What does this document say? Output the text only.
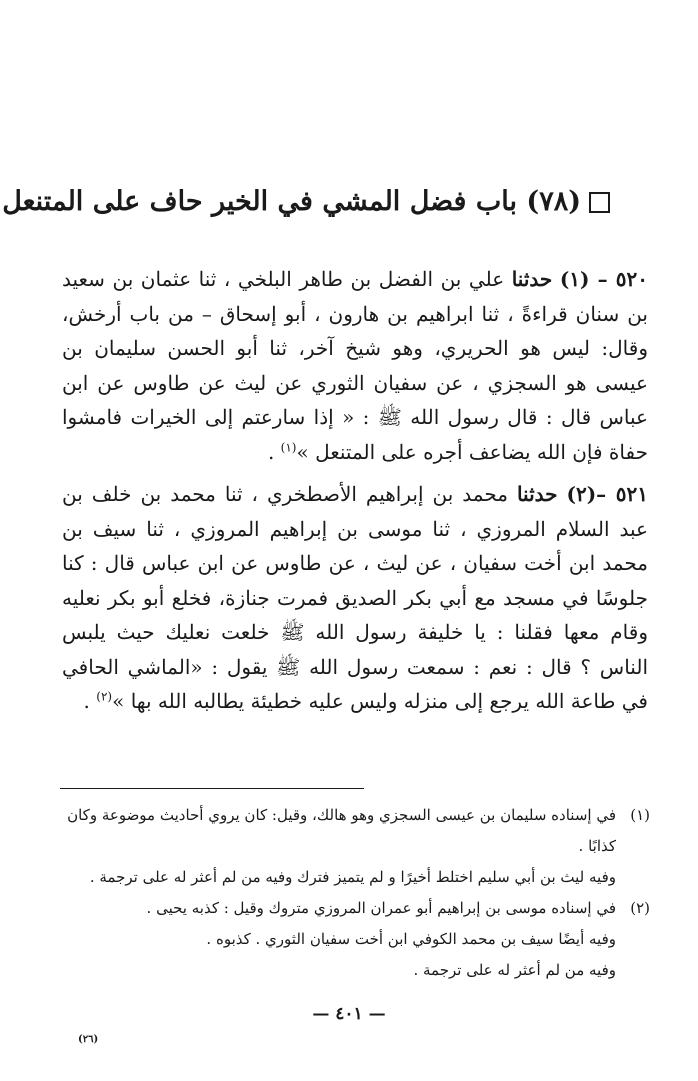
(٧٨) باب فضل المشي في الخير حاف على المتنعل

٥٢٠ – (١) حدثنا علي بن الفضل بن طاهر البلخي ، ثنا عثمان بن سعيد بن سنان قراءةً ، ثنا ابراهيم بن هارون ، أبو إسحاق – من باب أرخش، وقال: ليس هو الحريري، وهو شيخ آخر، ثنا أبو الحسن سليمان بن عيسى هو السجزي ، عن سفيان الثوري عن ليث عن طاوس عن ابن عباس قال : قال رسول الله ﷺ : « إذا سارعتم إلى الخيرات فامشوا حفاة فإن الله يضاعف أجره على المتنعل »$^{(١)}$ .

٥٢١ –(٢) حدثنا محمد بن إبراهيم الأصطخري ، ثنا محمد بن خلف بن عبد السلام المروزي ، ثنا موسى بن إبراهيم المروزي ، ثنا سيف بن محمد ابن أخت سفيان ، عن ليث ، عن طاوس عن ابن عباس قال : كنا جلوسًا في مسجد مع أبي بكر الصديق فمرت جنازة، فخلع أبو بكر نعليه وقام معها فقلنا : يا خليفة رسول الله ﷺ خلعت نعليك حيث يلبس الناس ؟ قال : نعم : سمعت رسول الله ﷺ يقول : «الماشي الحافي في طاعة الله يرجع إلى منزله وليس عليه خطيئة يطالبه الله بها »$^{(٢)}$ .

(١)

في إسناده سليمان بن عيسى السجزي وهو هالك، وقيل: كان يروي أحاديث موضوعة وكان كذابًا .

وفيه ليث بن أبي سليم اختلط أخيرًا و لم يتميز فترك وفيه من لم أعثر له على ترجمة .

(٢)

في إسناده موسى بن إبراهيم أبو عمران المروزي متروك وقيل : كذبه يحيى .

وفيه أيضًا سيف بن محمد الكوفي ابن أخت سفيان الثوري . كذبوه .

وفيه من لم أعثر له على ترجمة .

— ٤٠١ —
(٢٦)
